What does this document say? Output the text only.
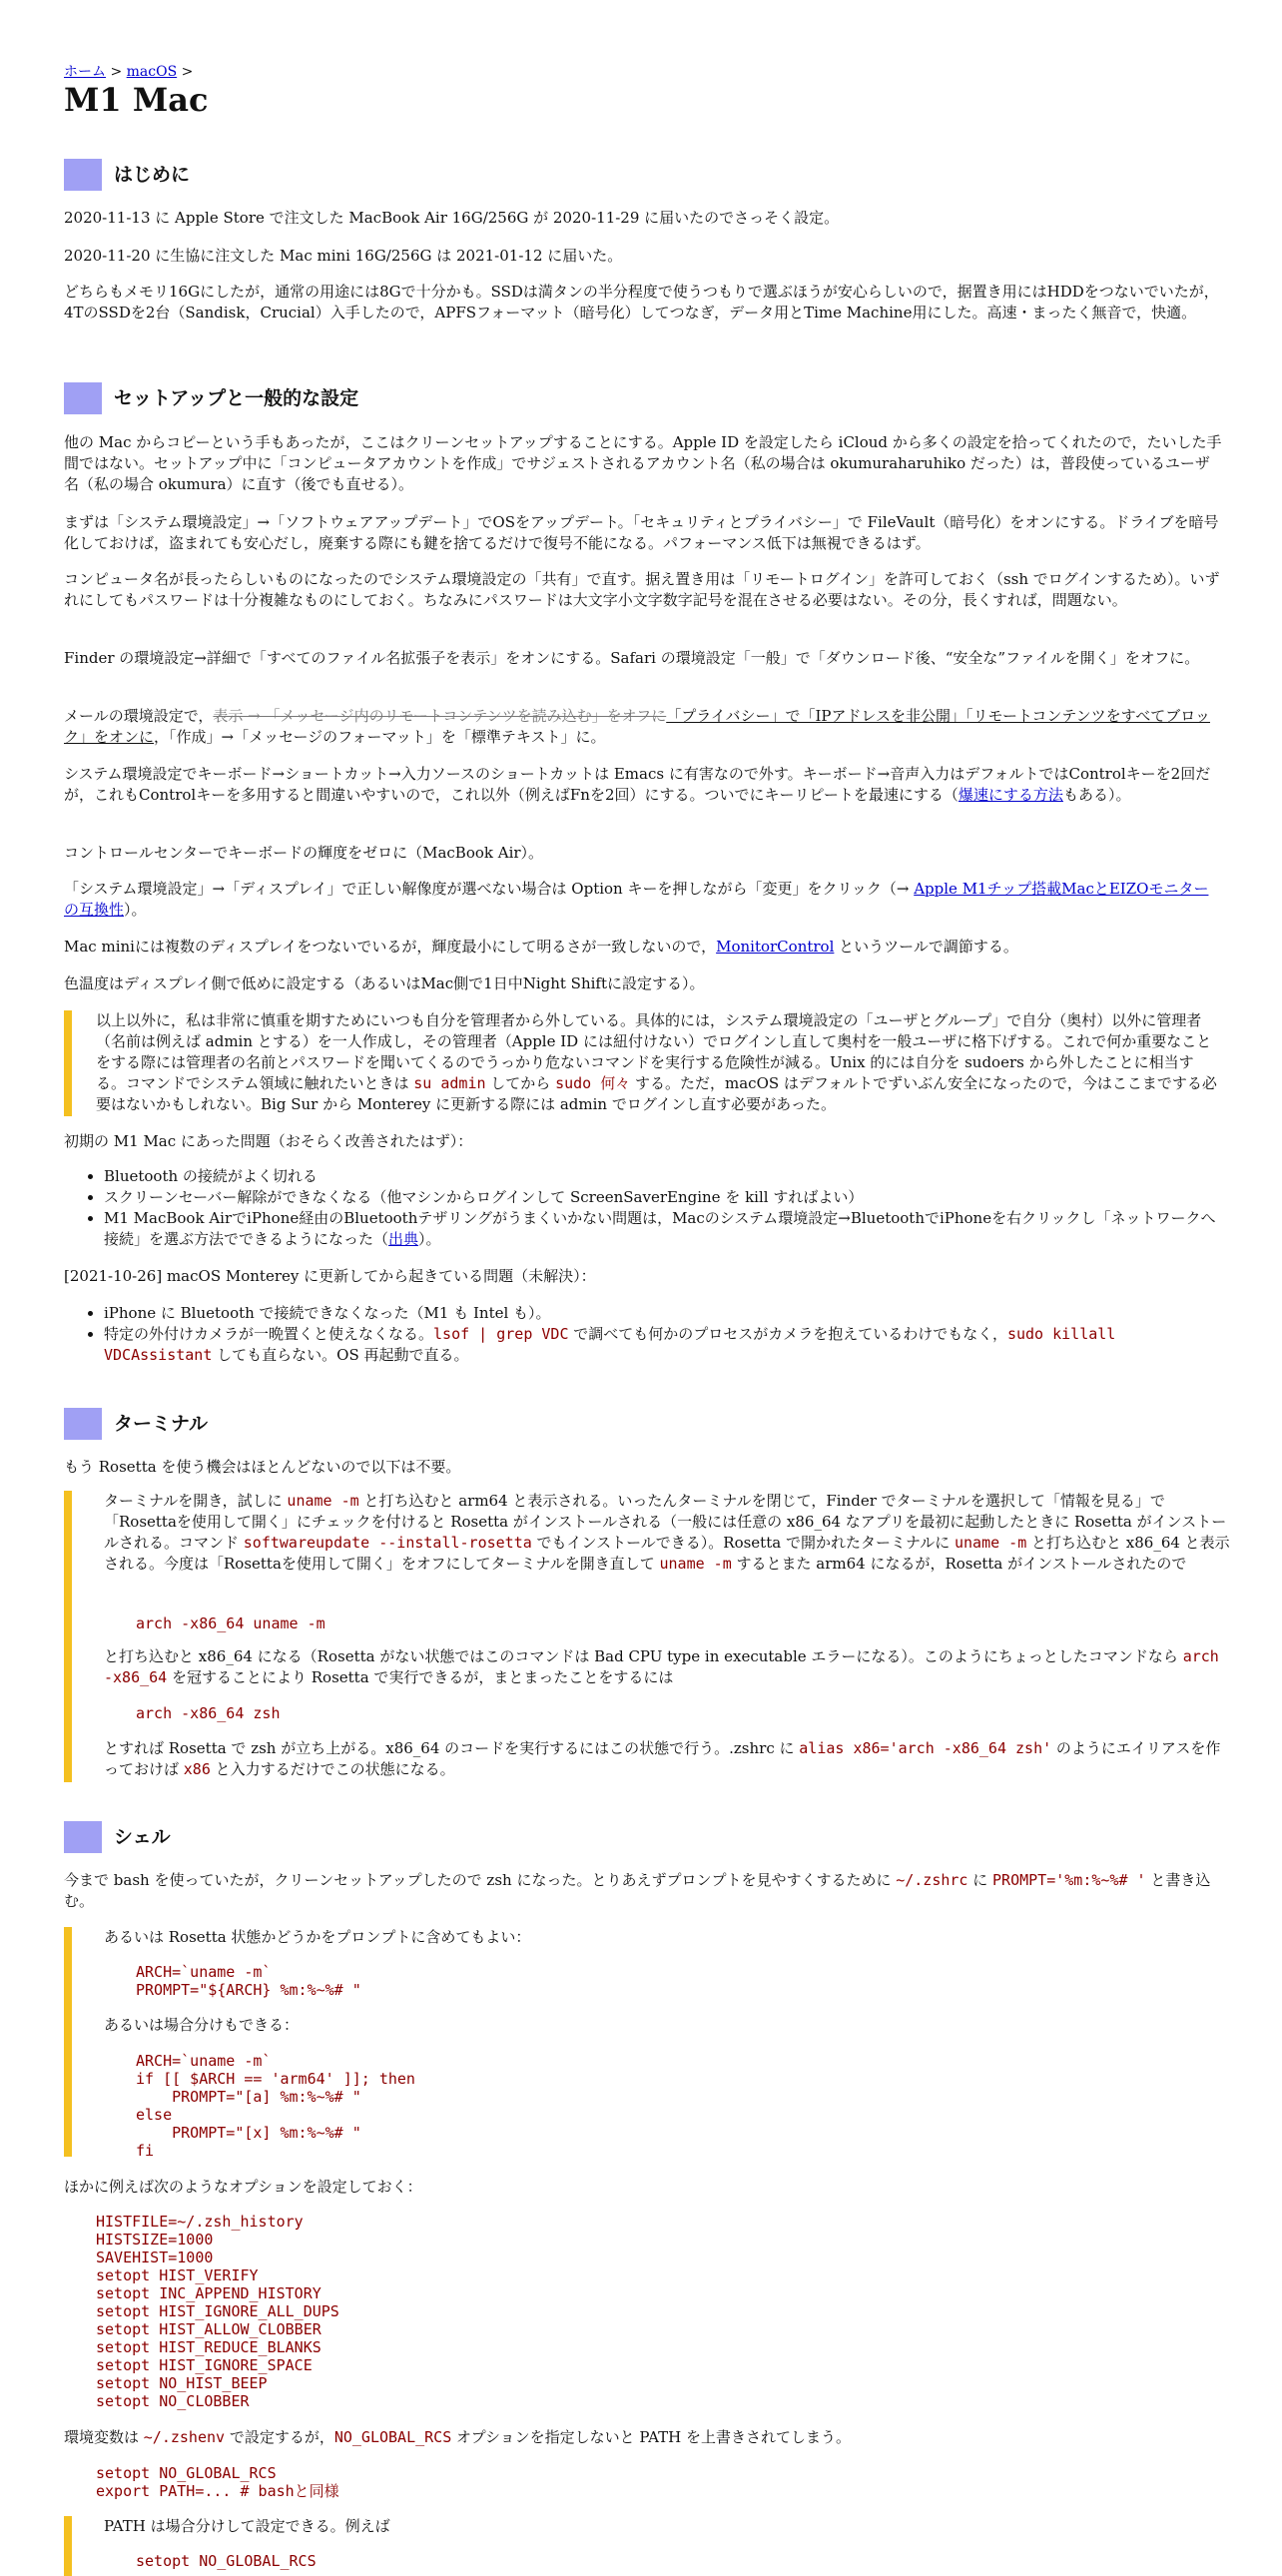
ホーム > macOS >
M1 Mac
はじめに

2020-11-13 に Apple Store で注文した MacBook Air 16G/256G が 2020-11-29 に届いたのでさっそく設定。

2020-11-20 に生協に注文した Mac mini 16G/256G は 2021-01-12 に届いた。

どちらもメモリ16Gにしたが，通常の用途には8Gで十分かも。SSDは満タンの半分程度で使うつもりで選ぶほうが安心らしいので，据置き用にはHDDをつないでいたが，4TのSSDを2台（Sandisk，Crucial）入手したので，APFSフォーマット（暗号化）してつなぎ，データ用とTime Machine用にした。高速・まったく無音で，快適。

セットアップと一般的な設定

他の Mac からコピーという手もあったが，ここはクリーンセットアップすることにする。Apple ID を設定したら iCloud から多くの設定を拾ってくれたので，たいした手間ではない。セットアップ中に「コンピュータアカウントを作成」でサジェストされるアカウント名（私の場合は okumuraharuhiko だった）は，普段使っているユーザ名（私の場合 okumura）に直す（後でも直せる）。

まずは「システム環境設定」→「ソフトウェアアップデート」でOSをアップデート。「セキュリティとプライバシー」で FileVault（暗号化）をオンにする。ドライブを暗号化しておけば，盗まれても安心だし，廃棄する際にも鍵を捨てるだけで復号不能になる。パフォーマンス低下は無視できるはず。

コンピュータ名が長ったらしいものになったのでシステム環境設定の「共有」で直す。据え置き用は「リモートログイン」を許可しておく（ssh でログインするため）。いずれにしてもパスワードは十分複雑なものにしておく。ちなみにパスワードは大文字小文字数字記号を混在させる必要はない。その分，長くすれば，問題ない。

Finder の環境設定→詳細で「すべてのファイル名拡張子を表示」をオンにする。Safari の環境設定「一般」で「ダウンロード後、“安全な”ファイルを開く」をオフに。

メールの環境設定で，表示 → 「メッセージ内のリモートコンテンツを読み込む」をオフに「プライバシー」で「IPアドレスを非公開」「リモートコンテンツをすべてブロック」をオンに，「作成」→「メッセージのフォーマット」を「標準テキスト」に。

システム環境設定でキーボード→ショートカット→入力ソースのショートカットは Emacs に有害なので外す。キーボード→音声入力はデフォルトではControlキーを2回だが，これもControlキーを多用すると間違いやすいので，これ以外（例えばFnを2回）にする。ついでにキーリピートを最速にする（爆速にする方法もある）。

コントロールセンターでキーボードの輝度をゼロに（MacBook Air）。

「システム環境設定」→「ディスプレイ」で正しい解像度が選べない場合は Option キーを押しながら「変更」をクリック（→ Apple M1チップ搭載MacとEIZOモニターの互換性）。

Mac miniには複数のディスプレイをつないでいるが，輝度最小にして明るさが一致しないので，MonitorControl というツールで調節する。

色温度はディスプレイ側で低めに設定する（あるいはMac側で1日中Night Shiftに設定する）。

以上以外に，私は非常に慎重を期すためにいつも自分を管理者から外している。具体的には，システム環境設定の「ユーザとグループ」で自分（奥村）以外に管理者（名前は例えば admin とする）を一人作成し，その管理者（Apple ID には紐付けない）でログインし直して奥村を一般ユーザに格下げする。これで何か重要なことをする際には管理者の名前とパスワードを聞いてくるのでうっかり危ないコマンドを実行する危険性が減る。Unix 的には自分を sudoers から外したことに相当する。コマンドでシステム領域に触れたいときは su admin してから sudo 何々 する。ただ，macOS はデフォルトでずいぶん安全になったので，今はここまでする必要はないかもしれない。Big Sur から Monterey に更新する際には admin でログインし直す必要があった。

初期の M1 Mac にあった問題（おそらく改善されたはず）：

• Bluetooth の接続がよく切れる
• スクリーンセーバー解除ができなくなる（他マシンからログインして ScreenSaverEngine を kill すればよい）
• M1 MacBook AirでiPhone経由のBluetoothテザリングがうまくいかない問題は，Macのシステム環境設定→BluetoothでiPhoneを右クリックし「ネットワークへ接続」を選ぶ方法でできるようになった（出典）。

[2021-10-26] macOS Monterey に更新してから起きている問題（未解決）：

• iPhone に Bluetooth で接続できなくなった（M1 も Intel も）。
• 特定の外付けカメラが一晩置くと使えなくなる。lsof | grep VDC で調べても何かのプロセスがカメラを抱えているわけでもなく，sudo killall VDCAssistant しても直らない。OS 再起動で直る。
ターミナル

もう Rosetta を使う機会はほとんどないので以下は不要。

ターミナルを開き，試しに uname -m と打ち込むと arm64 と表示される。いったんターミナルを閉じて，Finder でターミナルを選択して「情報を見る」で「Rosettaを使用して開く」にチェックを付けると Rosetta がインストールされる（一般には任意の x86_64 なアプリを最初に起動したときに Rosetta がインストールされる。コマンド softwareupdate --install-rosetta でもインストールできる）。Rosetta で開かれたターミナルに uname -m と打ち込むと x86_64 と表示される。今度は「Rosettaを使用して開く」をオフにしてターミナルを開き直して uname -m するとまた arm64 になるが，Rosetta がインストールされたので

arch -x86_64 uname -m

と打ち込むと x86_64 になる（Rosetta がない状態ではこのコマンドは Bad CPU type in executable エラーになる）。このようにちょっとしたコマンドなら arch -x86_64 を冠することにより Rosetta で実行できるが，まとまったことをするには

arch -x86_64 zsh

とすれば Rosetta で zsh が立ち上がる。x86_64 のコードを実行するにはこの状態で行う。.zshrc に alias x86='arch -x86_64 zsh' のようにエイリアスを作っておけば x86 と入力するだけでこの状態になる。

シェル

今まで bash を使っていたが，クリーンセットアップしたので zsh になった。とりあえずプロンプトを見やすくするために ~/.zshrc に PROMPT='%m:%~%# ' と書き込む。

あるいは Rosetta 状態かどうかをプロンプトに含めてもよい：

ARCH=`uname -m`
PROMPT="${ARCH} %m:%~%# "

あるいは場合分けもできる：

ARCH=`uname -m`
if [[ $ARCH == 'arm64' ]]; then
PROMPT="[a] %m:%~%# "
else
PROMPT="[x] %m:%~%# "
fi

ほかに例えば次のようなオプションを設定しておく：

HISTFILE=~/.zsh_history
HISTSIZE=1000
SAVEHIST=1000
setopt HIST_VERIFY
setopt INC_APPEND_HISTORY
setopt HIST_IGNORE_ALL_DUPS
setopt HIST_ALLOW_CLOBBER
setopt HIST_REDUCE_BLANKS
setopt HIST_IGNORE_SPACE
setopt NO_HIST_BEEP
setopt NO_CLOBBER

環境変数は ~/.zshenv で設定するが，NO_GLOBAL_RCS オプションを指定しないと PATH を上書きされてしまう。

setopt NO_GLOBAL_RCS
export PATH=... # bashと同様

PATH は場合分けして設定できる。例えば

setopt NO_GLOBAL_RCS
